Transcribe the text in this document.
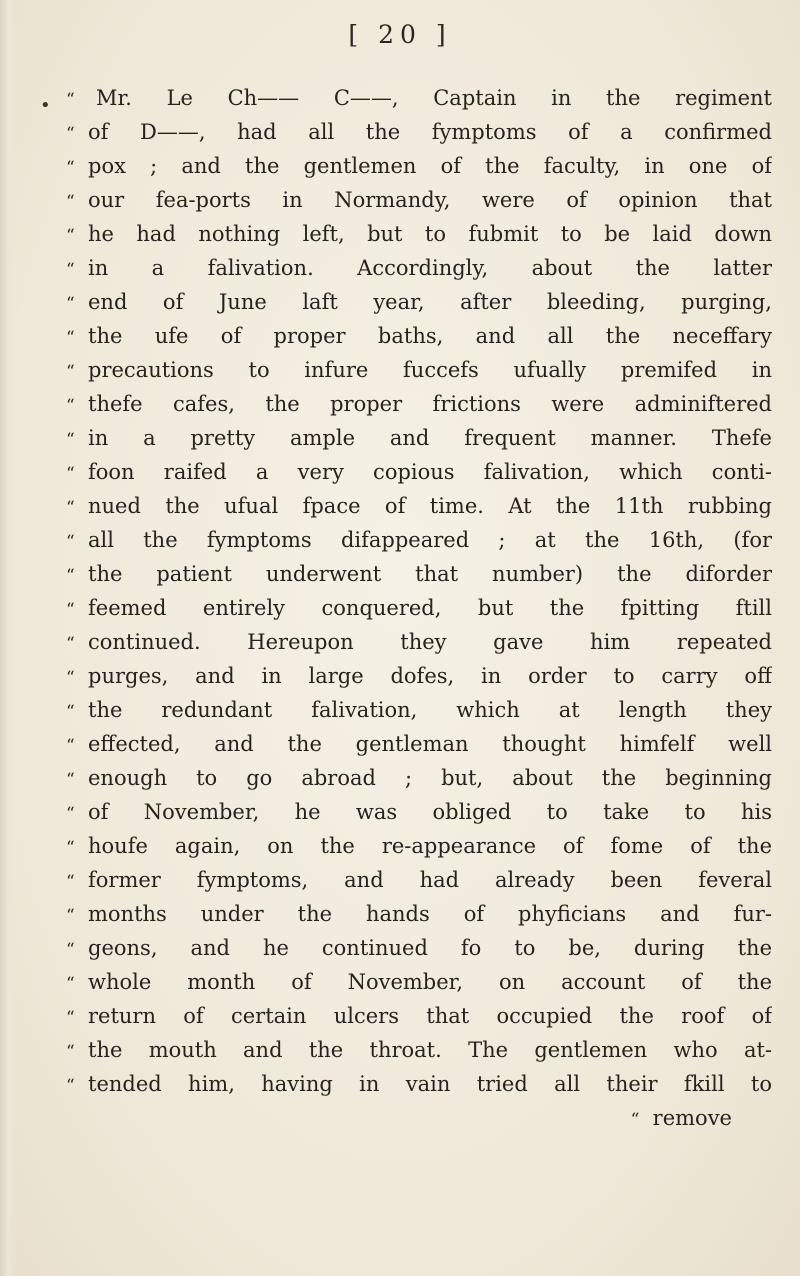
[ 20 ]
• “	Mr. Le Ch—— C——, Captain in the regiment
“ of D——, had all the fymptoms of a confirmed
“ pox ; and the gentlemen of the faculty, in one of
“ our fea-ports in Normandy, were of opinion that
“ he had nothing left, but to fubmit to be laid down
“ in a falivation. Accordingly, about the latter
“ end of June laft year, after bleeding, purging,
“ the ufe of proper baths, and all the neceffary
“ precautions to infure fuccefs ufually premifed in
“ thefe cafes, the proper frictions were adminiftered
“ in a pretty ample and frequent manner. Thefe
“ foon raifed a very copious falivation, which conti-
“ nued the ufual fpace of time. At the 11th rubbing
“ all the fymptoms difappeared ; at the 16th, (for
“ the patient underwent that number) the diforder
“ feemed entirely conquered, but the fpitting ftill
“ continued. Hereupon they gave him repeated
“ purges, and in large dofes, in order to carry off
“ the redundant falivation, which at length they
“ effected, and the gentleman thought himfelf well
“ enough to go abroad ; but, about the beginning
“ of November, he was obliged to take to his
“ houfe again, on the re-appearance of fome of the
“ former fymptoms, and had already been feveral
“ months under the hands of phyficians and fur-
“ geons, and he continued fo to be, during the
“ whole month of November, on account of the
“ return of certain ulcers that occupied the roof of
“ the mouth and the throat. The gentlemen who at-
“ tended him, having in vain tried all their fkill to
“ remove
